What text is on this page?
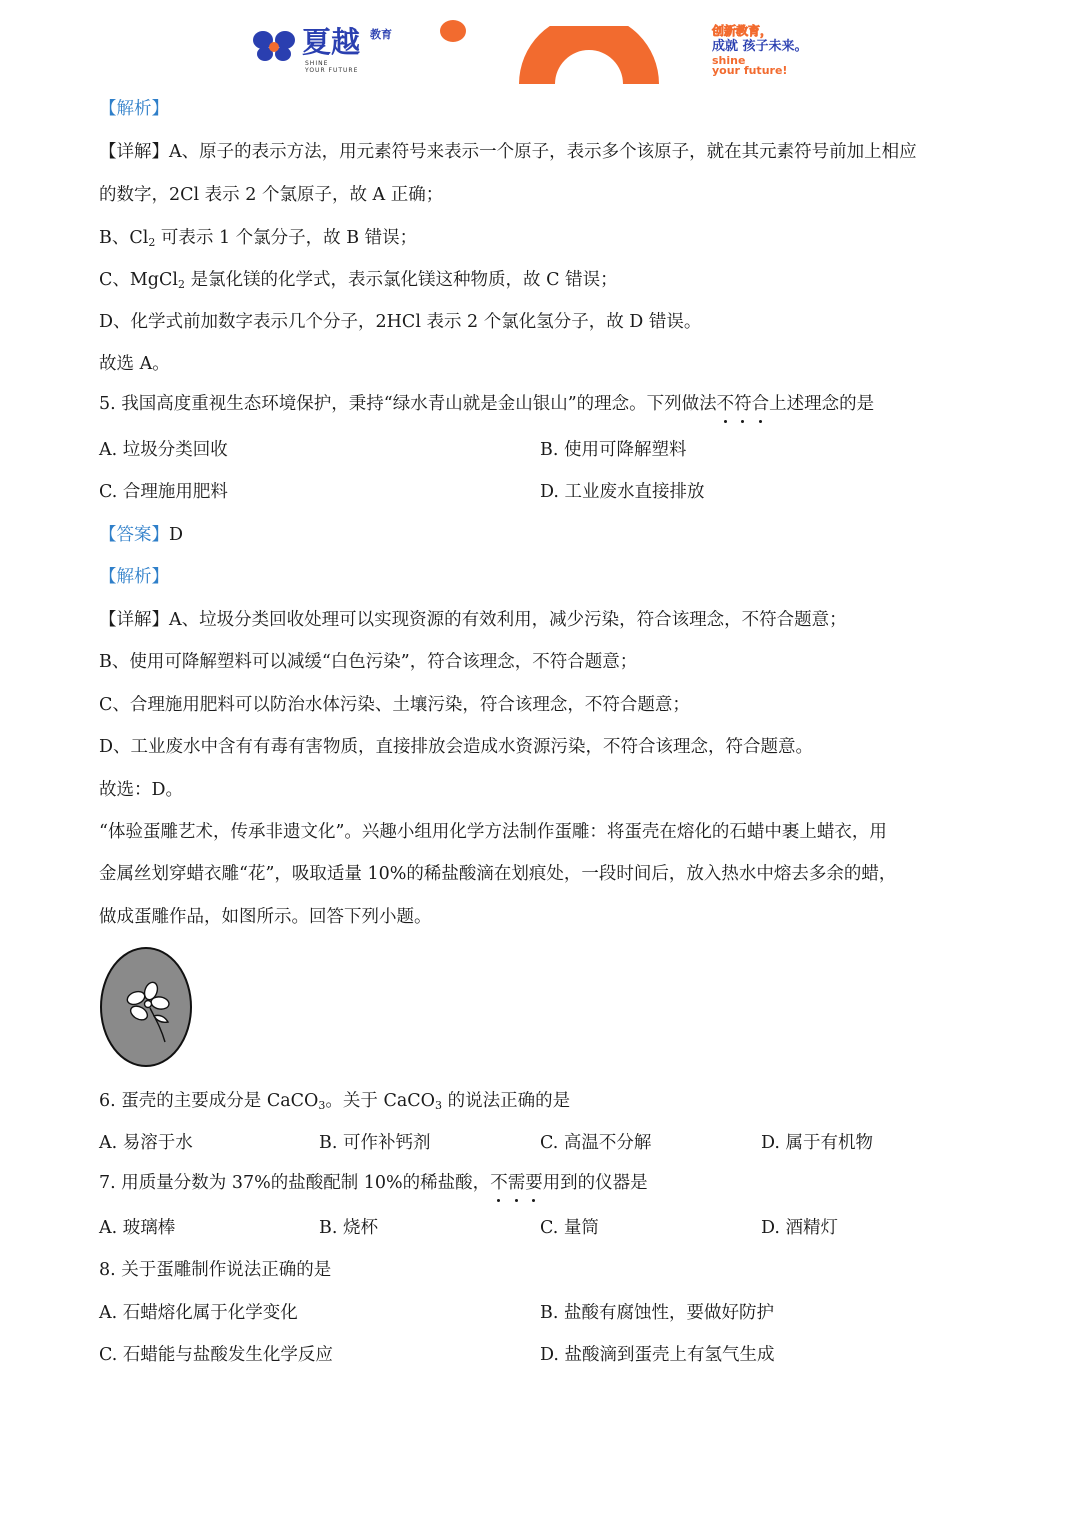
夏越 教育
SHINE
YOUR FUTURE
创新教育，
成就 孩子未来。
shine
your future!
【解析】
【详解】A、原子的表示方法，用元素符号来表示一个原子，表示多个该原子，就在其元素符号前加上相应
的数字，2Cl 表示 2 个氯原子，故 A 正确；
B、$Cl_2$ 可表示 1 个氯分子，故 B 错误；
C、MgCl$_2$ 是氯化镁的化学式，表示氯化镁这种物质，故 C 错误；
D、化学式前加数字表示几个分子，2HCl 表示 2 个氯化氢分子，故 D 错误。
故选 A。
5. 我国高度重视生态环境保护，秉持“绿水青山就是金山银山”的理念。下列做法不符合上述理念的是
A. 垃圾分类回收	B. 使用可降解塑料
C. 合理施用肥料	D. 工业废水直接排放
【答案】D
【解析】
【详解】A、垃圾分类回收处理可以实现资源的有效利用，减少污染，符合该理念，不符合题意；
B、使用可降解塑料可以减缓“白色污染”，符合该理念，不符合题意；
C、合理施用肥料可以防治水体污染、土壤污染，符合该理念，不符合题意；
D、工业废水中含有有毒有害物质，直接排放会造成水资源污染，不符合该理念，符合题意。
故选：D。
“体验蛋雕艺术，传承非遗文化”。兴趣小组用化学方法制作蛋雕：将蛋壳在熔化的石蜡中裹上蜡衣，用
金属丝划穿蜡衣雕“花”，吸取适量 10%的稀盐酸滴在划痕处，一段时间后，放入热水中熔去多余的蜡，
做成蛋雕作品，如图所示。回答下列小题。
6. 蛋壳的主要成分是 CaCO$_3$。关于 CaCO$_3$ 的说法正确的是
A. 易溶于水	B. 可作补钙剂	C. 高温不分解	D. 属于有机物
7. 用质量分数为 37%的盐酸配制 10%的稀盐酸，不需要用到的仪器是
A. 玻璃棒	B. 烧杯	C. 量筒	D. 酒精灯
8. 关于蛋雕制作说法正确的是
A. 石蜡熔化属于化学变化	B. 盐酸有腐蚀性，要做好防护
C. 石蜡能与盐酸发生化学反应	D. 盐酸滴到蛋壳上有氢气生成
